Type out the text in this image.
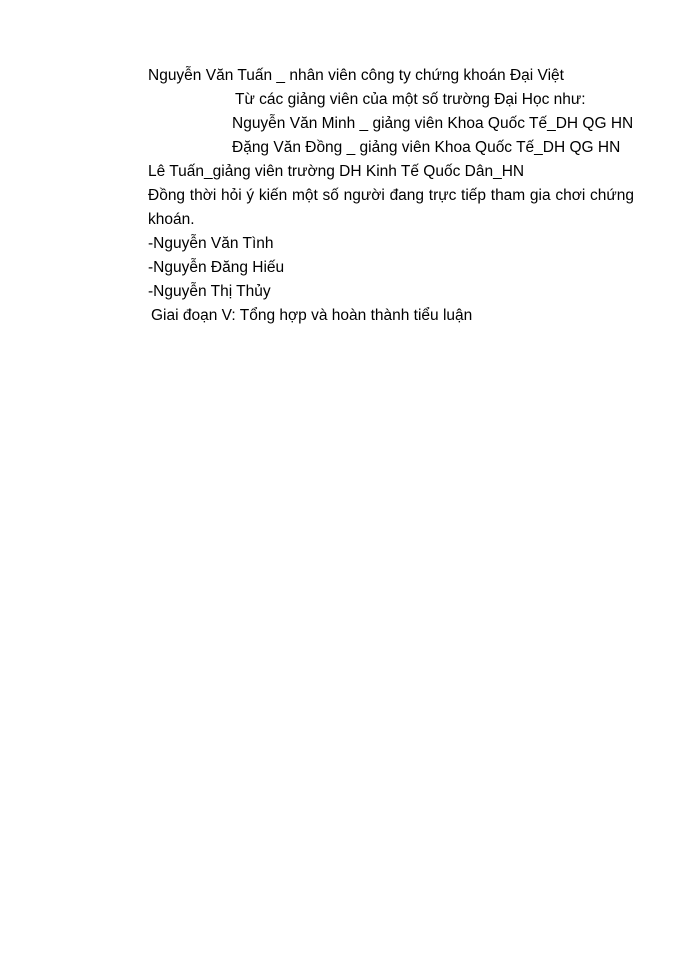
Nguyễn Văn Tuấn _ nhân viên công ty chứng khoán Đại Việt
Từ các giảng viên của một số trường Đại Học như:
Nguyễn Văn Minh _ giảng viên Khoa Quốc Tế_DH QG HN
Đặng Văn Đồng _ giảng viên Khoa Quốc Tế_DH QG HN
Lê Tuấn_giảng viên trường DH Kinh Tế Quốc Dân_HN
Đồng thời hỏi ý kiến một số người đang trực tiếp tham gia chơi chứng khoán.
-Nguyễn Văn Tình
-Nguyễn Đăng Hiếu
-Nguyễn Thị Thủy
Giai đoạn V: Tổng hợp và hoàn thành tiểu luận
